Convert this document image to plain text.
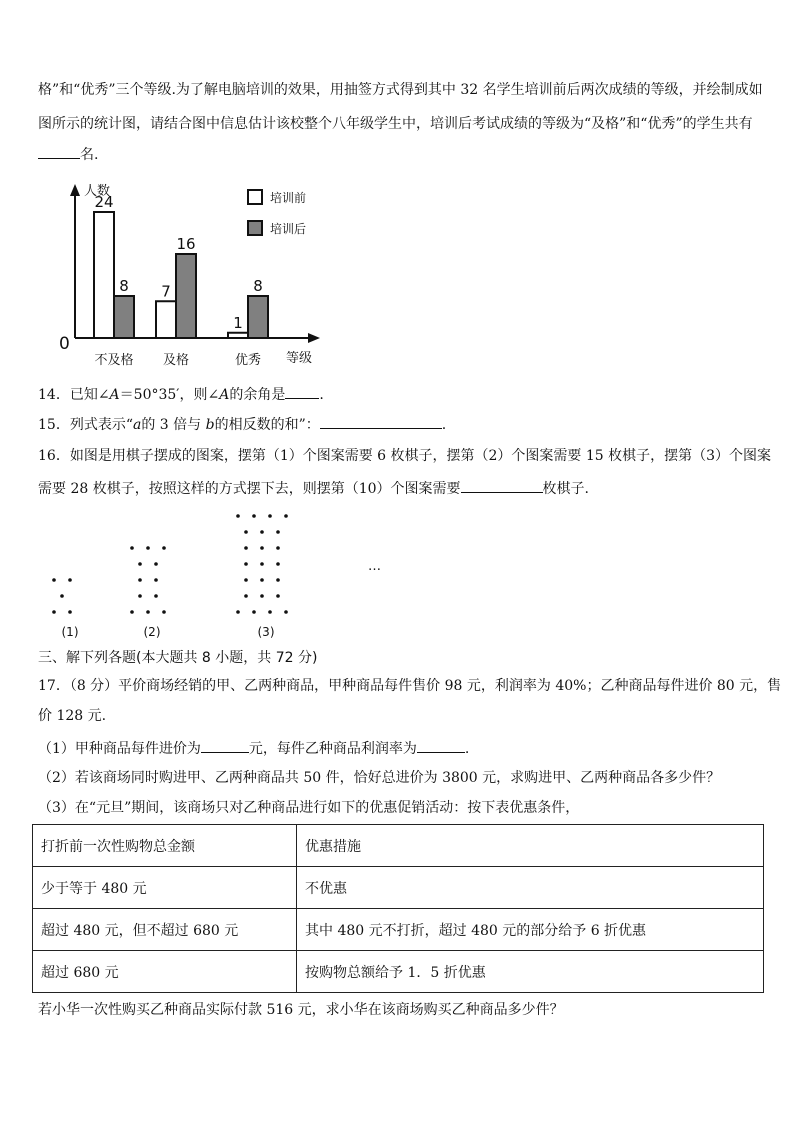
格”和“优秀”三个等级.为了解电脑培训的效果，用抽签方式得到其中 32 名学生培训前后两次成绩的等级，并绘制成如
图所示的统计图，请结合图中信息估计该校整个八年级学生中，培训后考试成绩的等级为“及格”和“优秀”的学生共有
名.
人数
0
等级
24
8
不及格
7
16
及格
1
8
优秀
培训前
培训后
14．已知∠A＝50°35′，则∠A的余角是 .
15．列式表示“a的 3 倍与 b的相反数的和”：	.
16．如图是用棋子摆成的图案，摆第（1）个图案需要 6 枚棋子，摆第（2）个图案需要 15 枚棋子，摆第（3）个图案
需要 28 枚棋子，按照这样的方式摆下去，则摆第（10）个图案需要	枚棋子.
(1)	(2)	(3)
…
三、解下列各题(本大题共 8 小题，共 72 分)
17．（8 分）平价商场经销的甲、乙两种商品，甲种商品每件售价 98 元，利润率为 40%；乙种商品每件进价 80 元，售
价 128 元.
（1）甲种商品每件进价为	元，每件乙种商品利润率为	.
（2）若该商场同时购进甲、乙两种商品共 50 件，恰好总进价为 3800 元，求购进甲、乙两种商品各多少件？
（3）在“元旦”期间，该商场只对乙种商品进行如下的优惠促销活动：按下表优惠条件，
打折前一次性购物总金额	优惠措施
少于等于 480 元	不优惠
超过 480 元，但不超过 680 元	其中 480 元不打折，超过 480 元的部分给予 6 折优惠
超过 680 元	按购物总额给予 1．5 折优惠
若小华一次性购买乙种商品实际付款 516 元，求小华在该商场购买乙种商品多少件？
